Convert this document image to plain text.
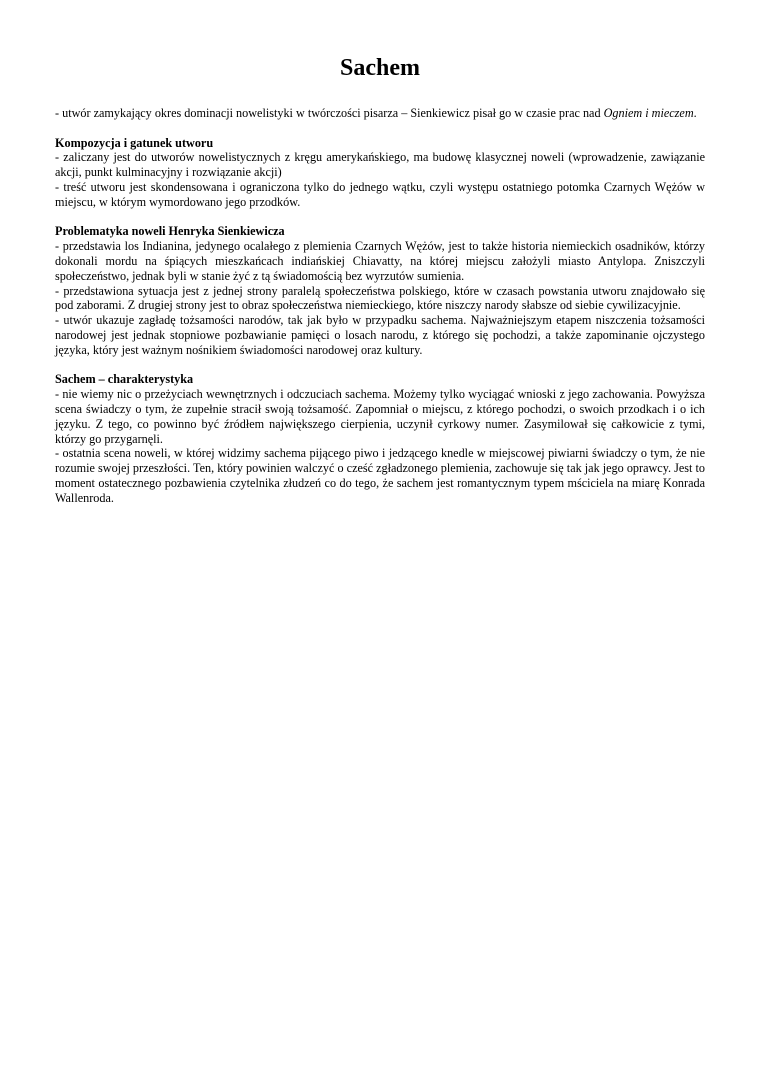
Sachem

- utwór zamykający okres dominacji nowelistyki w twórczości pisarza – Sienkiewicz pisał go w czasie prac nad Ogniem i mieczem.

Kompozycja i gatunek utworu

- zaliczany jest do utworów nowelistycznych z kręgu amerykańskiego, ma budowę klasycznej noweli (wprowadzenie, zawiązanie akcji, punkt kulminacyjny i rozwiązanie akcji)

- treść utworu jest skondensowana i ograniczona tylko do jednego wątku, czyli występu ostatniego potomka Czarnych Wężów w miejscu, w którym wymordowano jego przodków.

Problematyka noweli Henryka Sienkiewicza

- przedstawia los Indianina, jedynego ocalałego z plemienia Czarnych Wężów, jest to także historia niemieckich osadników, którzy dokonali mordu na śpiących mieszkańcach indiańskiej Chiavatty, na której miejscu założyli miasto Antylopa. Zniszczyli społeczeństwo, jednak byli w stanie żyć z tą świadomością bez wyrzutów sumienia.

- przedstawiona sytuacja jest z jednej strony paralelą społeczeństwa polskiego, które w czasach powstania utworu znajdowało się pod zaborami. Z drugiej strony jest to obraz społeczeństwa niemieckiego, które niszczy narody słabsze od siebie cywilizacyjnie.

- utwór ukazuje zagładę tożsamości narodów, tak jak było w przypadku sachema. Najważniejszym etapem niszczenia tożsamości narodowej jest jednak stopniowe pozbawianie pamięci o losach narodu, z którego się pochodzi, a także zapominanie ojczystego języka, który jest ważnym nośnikiem świadomości narodowej oraz kultury.

Sachem – charakterystyka

- nie wiemy nic o przeżyciach wewnętrznych i odczuciach sachema. Możemy tylko wyciągać wnioski z jego zachowania. Powyższa scena świadczy o tym, że zupełnie stracił swoją tożsamość. Zapomniał o miejscu, z którego pochodzi, o swoich przodkach i o ich języku. Z tego, co powinno być źródłem największego cierpienia, uczynił cyrkowy numer. Zasymilował się całkowicie z tymi, którzy go przygarnęli.

- ostatnia scena noweli, w której widzimy sachema pijącego piwo i jedzącego knedle w miejscowej piwiarni świadczy o tym, że nie rozumie swojej przeszłości. Ten, który powinien walczyć o cześć zgładzonego plemienia, zachowuje się tak jak jego oprawcy. Jest to moment ostatecznego pozbawienia czytelnika złudzeń co do tego, że sachem jest romantycznym typem mściciela na miarę Konrada Wallenroda.
